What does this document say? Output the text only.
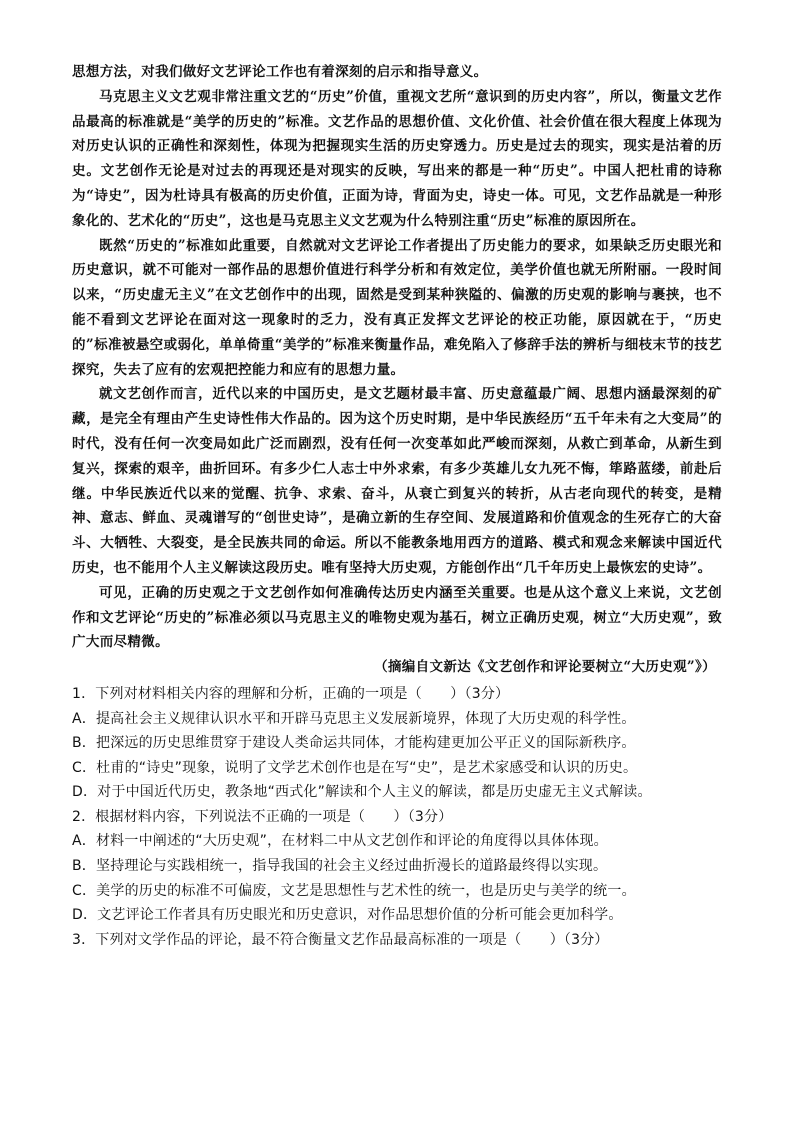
思想方法，对我们做好文艺评论工作也有着深刻的启示和指导意义。

马克思主义文艺观非常注重文艺的“历史”价值，重视文艺所“意识到的历史内容”，所以，衡量文艺作品最高的标准就是“美学的历史的”标准。文艺作品的思想价值、文化价值、社会价值在很大程度上体现为对历史认识的正确性和深刻性，体现为把握现实生活的历史穿透力。历史是过去的现实，现实是沽着的历史。文艺创作无论是对过去的再现还是对现实的反映，写出来的都是一种“历史”。中国人把杜甫的诗称为“诗史”，因为杜诗具有极高的历史价值，正面为诗，背面为史，诗史一体。可见，文艺作品就是一种形象化的、艺术化的“历史”，这也是马克思主义文艺观为什么特别注重“历史”标准的原因所在。

既然“历史的”标准如此重要，自然就对文艺评论工作者提出了历史能力的要求，如果缺乏历史眼光和历史意识，就不可能对一部作品的思想价值进行科学分析和有效定位，美学价值也就无所附丽。一段时间以来，“历史虚无主义”在文艺创作中的出现，固然是受到某种狭隘的、偏激的历史观的影响与裹挟，也不能不看到文艺评论在面对这一现象时的乏力，没有真正发挥文艺评论的校正功能，原因就在于，“历史的”标准被悬空或弱化，单单倚重“美学的”标准来衡量作品，难免陷入了修辞手法的辨析与细枝末节的技艺探究，失去了应有的宏观把控能力和应有的思想力量。

就文艺创作而言，近代以来的中国历史，是文艺题材最丰富、历史意蕴最广阔、思想内涵最深刻的矿藏，是完全有理由产生史诗性伟大作品的。因为这个历史时期，是中华民族经历“五千年未有之大变局”的时代，没有任何一次变局如此广泛而剧烈，没有任何一次变革如此严峻而深刻，从救亡到革命，从新生到复兴，探索的艰辛，曲折回环。有多少仁人志士中外求索，有多少英雄儿女九死不悔，筚路蓝缕，前赴后继。中华民族近代以来的觉醒、抗争、求索、奋斗，从衰亡到复兴的转折，从古老向现代的转变，是精神、意志、鲜血、灵魂谱写的“创世史诗”，是确立新的生存空间、发展道路和价值观念的生死存亡的大奋斗、大牺牲、大裂变，是全民族共同的命运。所以不能教条地用西方的道路、模式和观念来解读中国近代历史，也不能用个人主义解读这段历史。唯有坚持大历史观，方能创作出“几千年历史上最恢宏的史诗”。

可见，正确的历史观之于文艺创作如何准确传达历史内涵至关重要。也是从这个意义上来说，文艺创作和文艺评论“历史的”标准必须以马克思主义的唯物史观为基石，树立正确历史观，树立“大历史观”，致广大而尽精微。

（摘编自文新达《文艺创作和评论要树立“大历史观”》）

1．下列对材料相关内容的理解和分析，正确的一项是（　　）（3分）

A．提高社会主义规律认识水平和开辟马克思主义发展新境界，体现了大历史观的科学性。

B．把深远的历史思维贯穿于建设人类命运共同体，才能构建更加公平正义的国际新秩序。

C．杜甫的“诗史”现象，说明了文学艺术创作也是在写“史”，是艺术家感受和认识的历史。

D．对于中国近代历史，教条地“西式化”解读和个人主义的解读，都是历史虚无主义式解读。

2．根据材料内容，下列说法不正确的一项是（　　）（3分）

A．材料一中阐述的“大历史观”，在材料二中从文艺创作和评论的角度得以具体体现。

B．坚持理论与实践相统一，指导我国的社会主义经过曲折漫长的道路最终得以实现。

C．美学的历史的标准不可偏废，文艺是思想性与艺术性的统一，也是历史与美学的统一。

D．文艺评论工作者具有历史眼光和历史意识，对作品思想价值的分析可能会更加科学。

3．下列对文学作品的评论，最不符合衡量文艺作品最高标准的一项是（　　）（3分）
